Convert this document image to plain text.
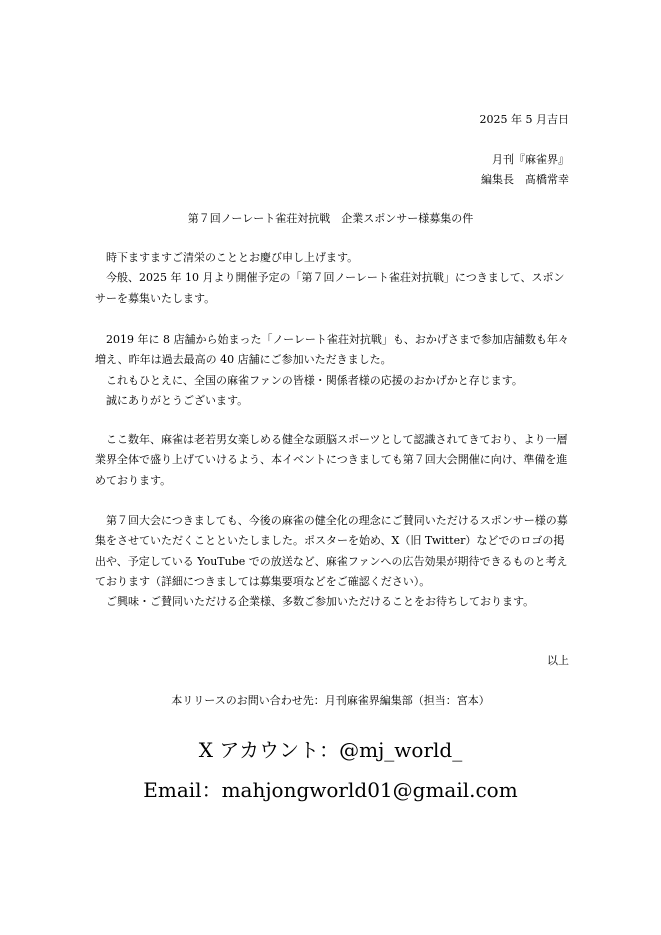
2025 年 5 月吉日
月刊『麻雀界』
編集長　髙橋常幸
第７回ノーレート雀荘対抗戦　企業スポンサー様募集の件

　時下ますますご清栄のこととお慶び申し上げます。

　今般、2025 年 10 月より開催予定の「第７回ノーレート雀荘対抗戦」につきまして、スポンサーを募集いたします。

　2019 年に 8 店舗から始まった「ノーレート雀荘対抗戦」も、おかげさまで参加店舗数も年々増え、昨年は過去最高の 40 店舗にご参加いただきました。

　これもひとえに、全国の麻雀ファンの皆様・関係者様の応援のおかげかと存じます。

　誠にありがとうございます。

　ここ数年、麻雀は老若男女楽しめる健全な頭脳スポーツとして認識されてきており、より一層業界全体で盛り上げていけるよう、本イベントにつきましても第７回大会開催に向け、準備を進めております。

　第７回大会につきましても、今後の麻雀の健全化の理念にご賛同いただけるスポンサー様の募集をさせていただくことといたしました。ポスターを始め、X（旧 Twitter）などでのロゴの掲出や、予定している YouTube での放送など、麻雀ファンへの広告効果が期待できるものと考えております（詳細につきましては募集要項などをご確認ください）。

　ご興味・ご賛同いただける企業様、多数ご参加いただけることをお待ちしております。

以上
本リリースのお問い合わせ先：月刊麻雀界編集部（担当：宮本）
X アカウント：@mj_world_
Email：mahjongworld01@gmail.com
